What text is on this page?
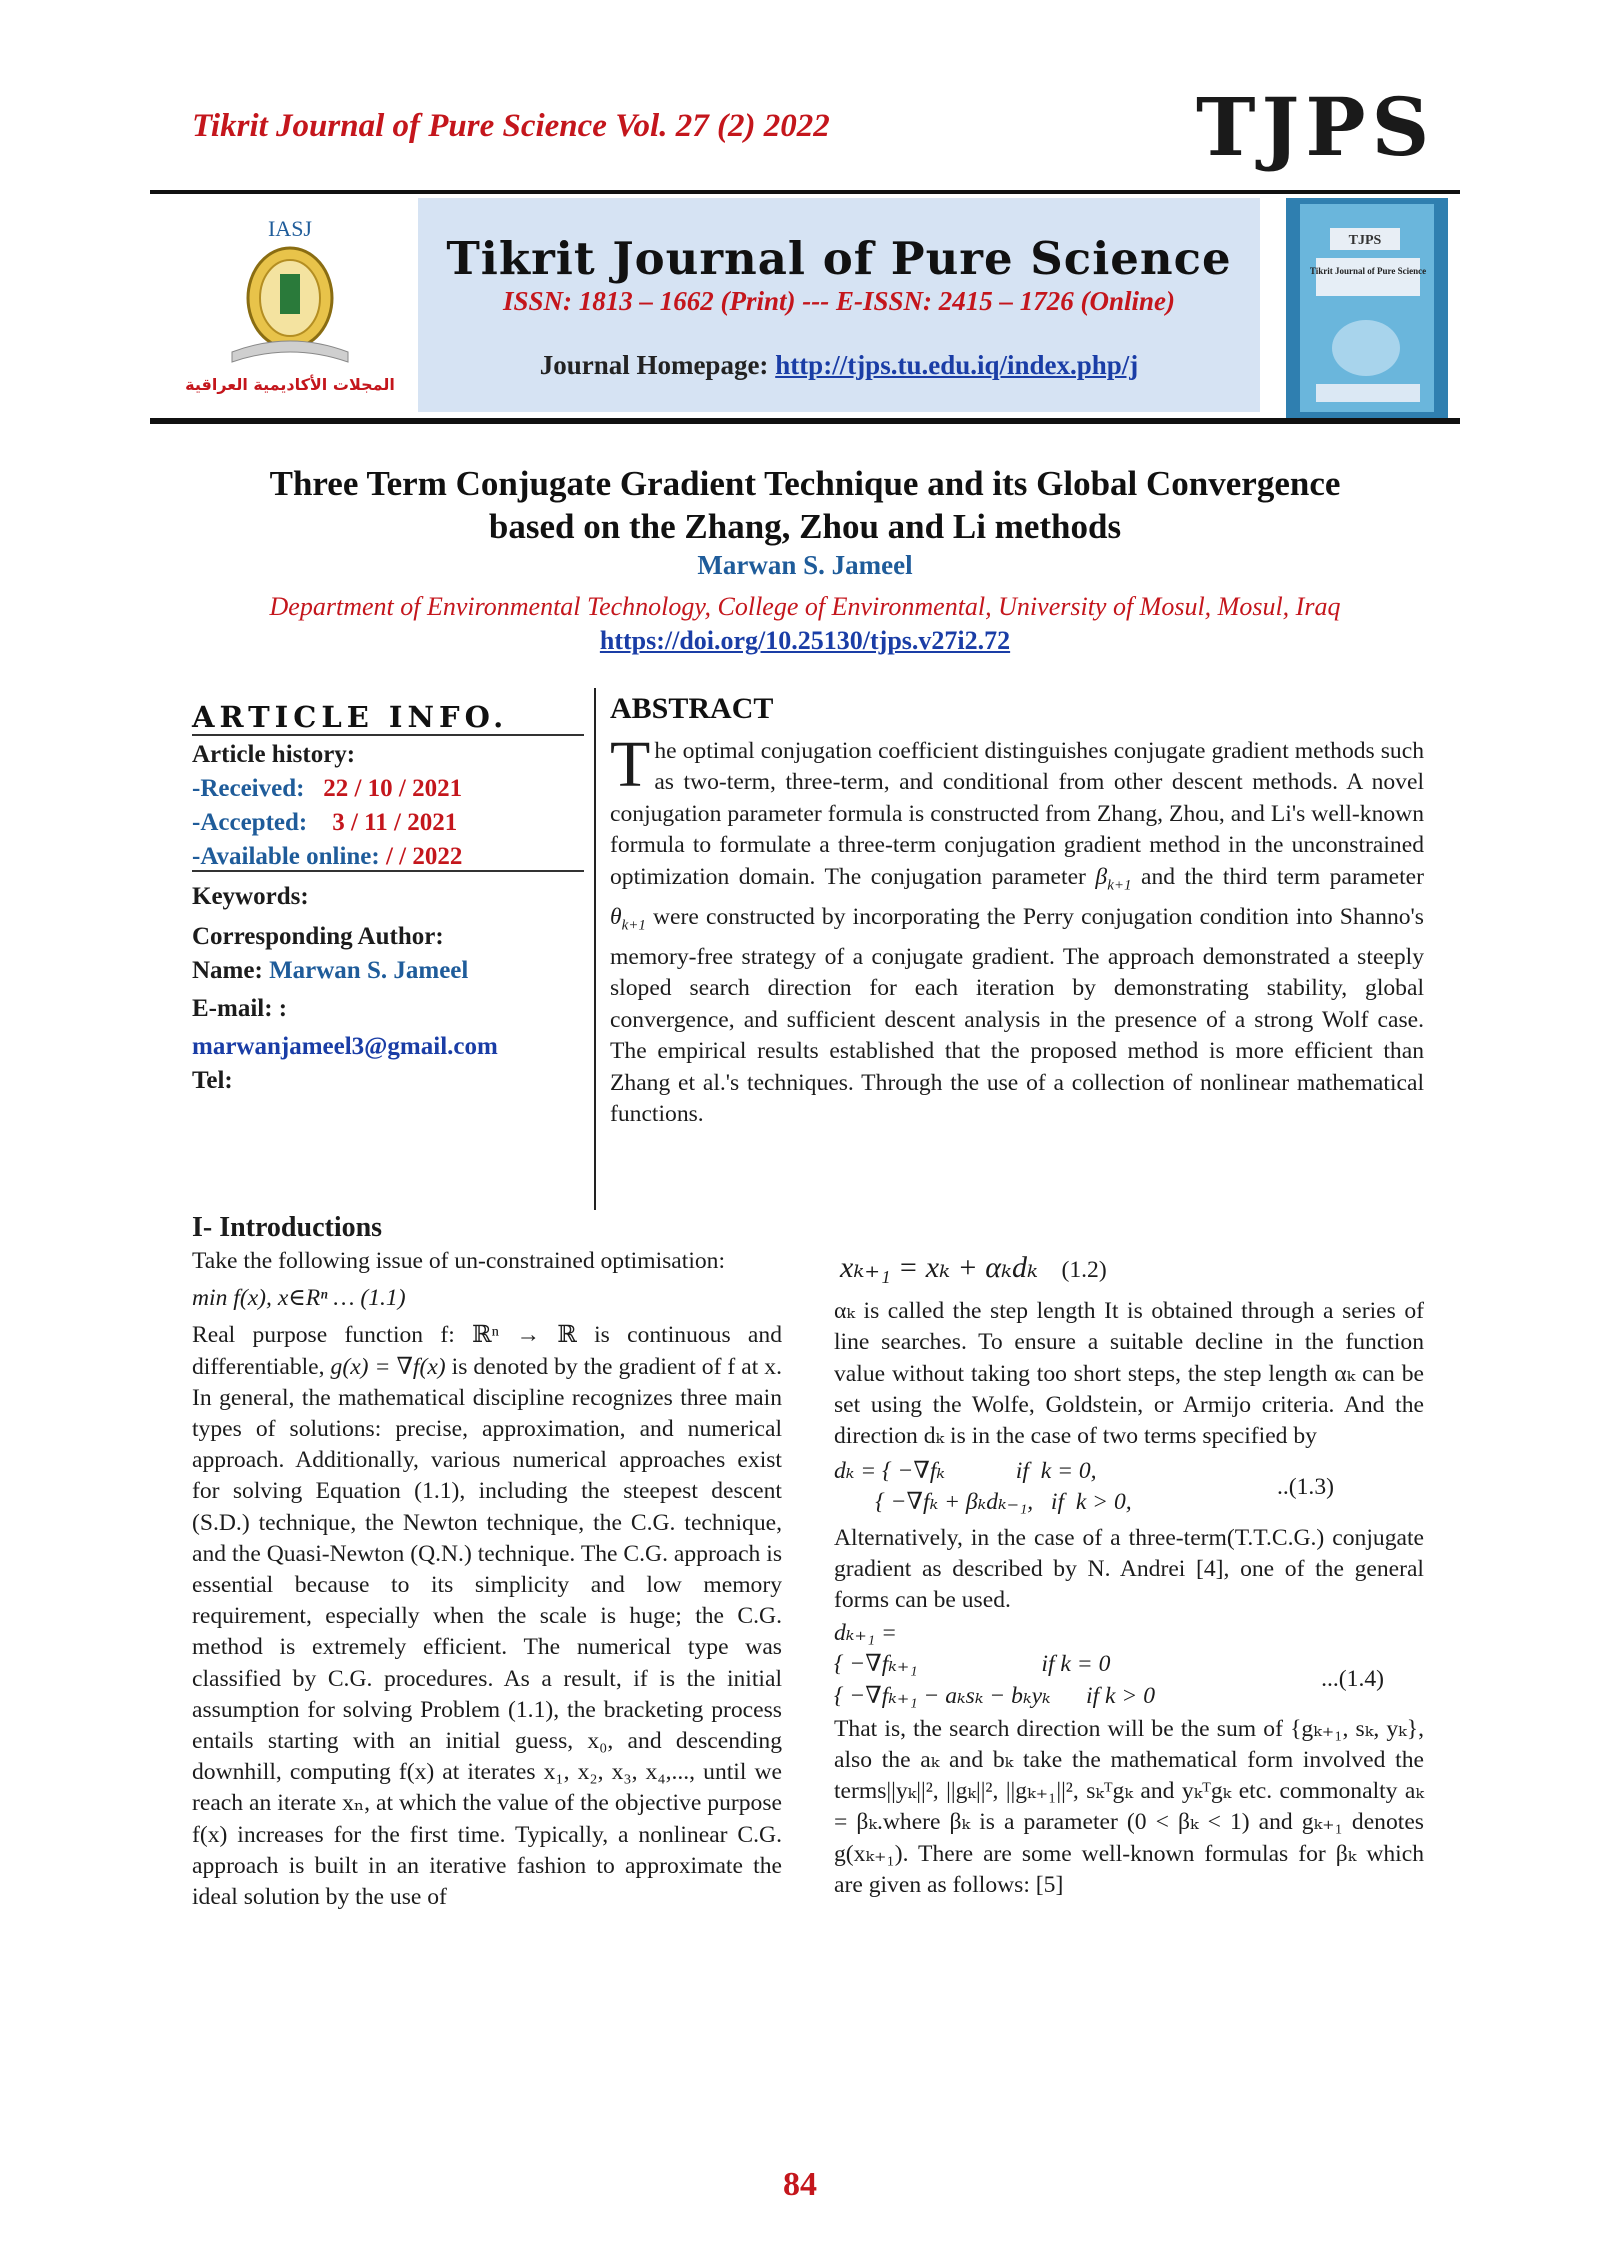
Tikrit Journal of Pure Science Vol. 27 (2) 2022	TJPS
IASJ
المجلات الأكاديمية العراقية
TJPS
Tikrit Journal of Pure Science
Tikrit Journal of Pure Science
ISSN: 1813 – 1662 (Print) --- E-ISSN: 2415 – 1726 (Online)
Journal Homepage: http://tjps.tu.edu.iq/index.php/j
Three Term Conjugate Gradient Technique and its Global Convergence
based on the Zhang, Zhou and Li methods
Marwan S. Jameel
Department of Environmental Technology, College of Environmental, University of Mosul, Mosul, Iraq
https://doi.org/10.25130/tjps.v27i2.72
ARTICLE INFO.
Article history:
-Received: 22 / 10 / 2021
-Accepted: 3 / 11 / 2021
-Available online: / / 2022
Keywords:
Corresponding Author:
Name: Marwan S. Jameel
E-mail: :
marwanjameel3@gmail.com
Tel:
ABSTRACT
The optimal conjugation coefficient distinguishes conjugate gradient methods such as two-term, three-term, and conditional from other descent methods. A novel conjugation parameter formula is constructed from Zhang, Zhou, and Li's well-known formula to formulate a three-term conjugation gradient method in the unconstrained optimization domain. The conjugation parameter $\beta_{k+1}$ and the third term parameter $\theta_{k+1}$ were constructed by incorporating the Perry conjugation condition into Shanno's memory-free strategy of a conjugate gradient. The approach demonstrated a steeply sloped search direction for each iteration by demonstrating stability, global convergence, and sufficient descent analysis in the presence of a strong Wolf case. The empirical results established that the proposed method is more efficient than Zhang et al.'s techniques. Through the use of a collection of nonlinear mathematical functions.
I- Introductions

Take the following issue of un-constrained optimisation:

min f(x), x∈Rⁿ … (1.1)

Real purpose function f: ℝⁿ → ℝ is continuous and differentiable, g(x) = ∇f(x) is denoted by the gradient of f at x. In general, the mathematical discipline recognizes three main types of solutions: precise, approximation, and numerical approach. Additionally, various numerical approaches exist for solving Equation (1.1), including the steepest descent (S.D.) technique, the Newton technique, the C.G. technique, and the Quasi-Newton (Q.N.) technique. The C.G. approach is essential because to its simplicity and low memory requirement, especially when the scale is huge; the C.G. method is extremely efficient. The numerical type was classified by C.G. procedures. As a result, if is the initial assumption for solving Problem (1.1), the bracketing process entails starting with an initial guess, x₀, and descending downhill, computing f(x) at iterates x₁, x₂, x₃, x₄,..., until we reach an iterate xₙ, at which the value of the objective purpose f(x) increases for the first time. Typically, a nonlinear C.G. approach is built in an iterative fashion to approximate the ideal solution by the use of

xₖ₊₁ = xₖ + αₖdₖ (1.2)

αₖ is called the step length It is obtained through a series of line searches. To ensure a suitable decline in the function value without taking too short steps, the step length αₖ can be set using the Wolfe, Goldstein, or Armijo criteria. And the direction dₖ is in the case of two terms specified by

dₖ = { −∇fₖ            if  k = 0,
{ −∇fₖ + βₖdₖ₋₁,   if  k > 0,
..(1.3)

Alternatively, in the case of a three-term(T.T.C.G.) conjugate gradient as described by N. Andrei [4], one of the general forms can be used.

dₖ₊₁ =
{ −∇fₖ₊₁                     if k = 0
{ −∇fₖ₊₁ − aₖsₖ − bₖyₖ      if k > 0
...(1.4)

That is, the search direction will be the sum of {gₖ₊₁, sₖ, yₖ}, also the aₖ and bₖ take the mathematical form involved the terms||yₖ||², ||gₖ||², ||gₖ₊₁||², sₖᵀgₖ and yₖᵀgₖ etc. commonalty aₖ = βₖ.where βₖ is a parameter (0 < βₖ < 1) and gₖ₊₁ denotes g(xₖ₊₁). There are some well-known formulas for βₖ which are given as follows: [5]

84
